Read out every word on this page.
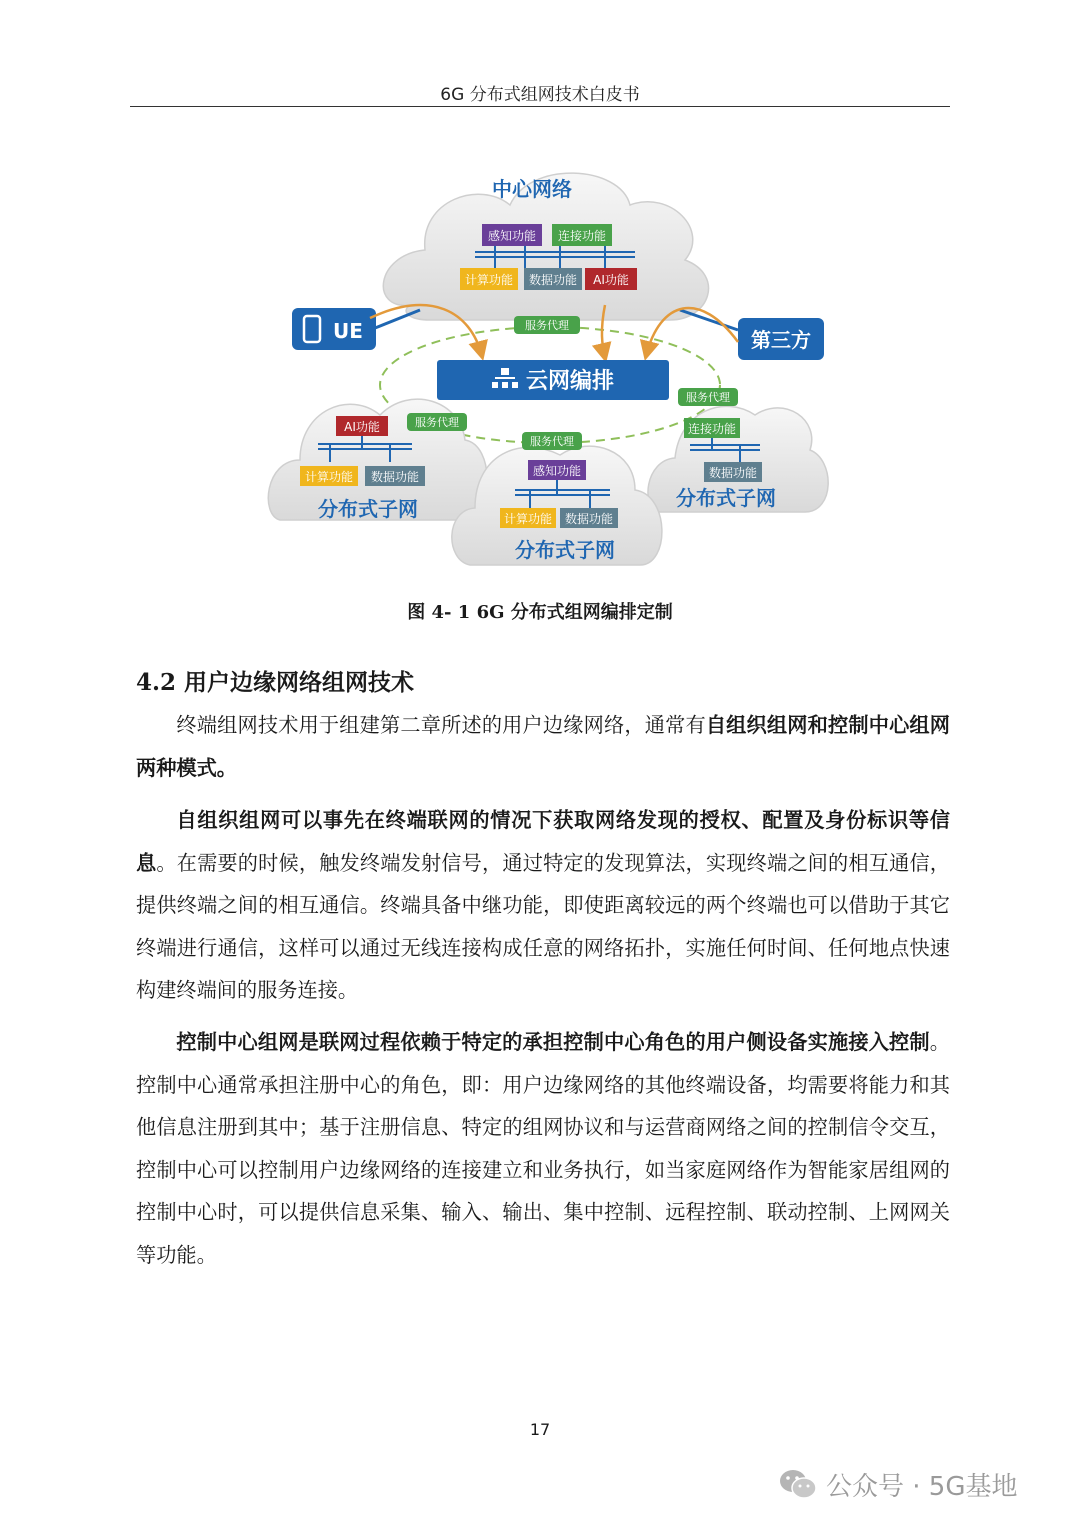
6G 分布式组网技术白皮书
中心网络
感知功能 连接功能
计算功能 数据功能 AI功能
UE	第三方
服务代理
云网编排
AI功能	服务代理
计算功能 数据功能
分布式子网
服务代理
连接功能
数据功能
分布式子网
服务代理
感知功能
计算功能 数据功能
分布式子网
图 4- 1 6G 分布式组网编排定制
4.2 用户边缘网络组网技术

终端组网技术用于组建第二章所述的用户边缘网络，通常有自组织组网和控制中心组网两种模式。

自组织组网可以事先在终端联网的情况下获取网络发现的授权、配置及身份标识等信息。在需要的时候，触发终端发射信号，通过特定的发现算法，实现终端之间的相互通信，提供终端之间的相互通信。终端具备中继功能，即使距离较远的两个终端也可以借助于其它终端进行通信，这样可以通过无线连接构成任意的网络拓扑，实施任何时间、任何地点快速构建终端间的服务连接。

控制中心组网是联网过程依赖于特定的承担控制中心角色的用户侧设备实施接入控制。控制中心通常承担注册中心的角色，即：用户边缘网络的其他终端设备，均需要将能力和其他信息注册到其中；基于注册信息、特定的组网协议和与运营商网络之间的控制信令交互，控制中心可以控制用户边缘网络的连接建立和业务执行，如当家庭网络作为智能家居组网的控制中心时，可以提供信息采集、输入、输出、集中控制、远程控制、联动控制、上网网关等功能。

17
公众号 · 5G基地
